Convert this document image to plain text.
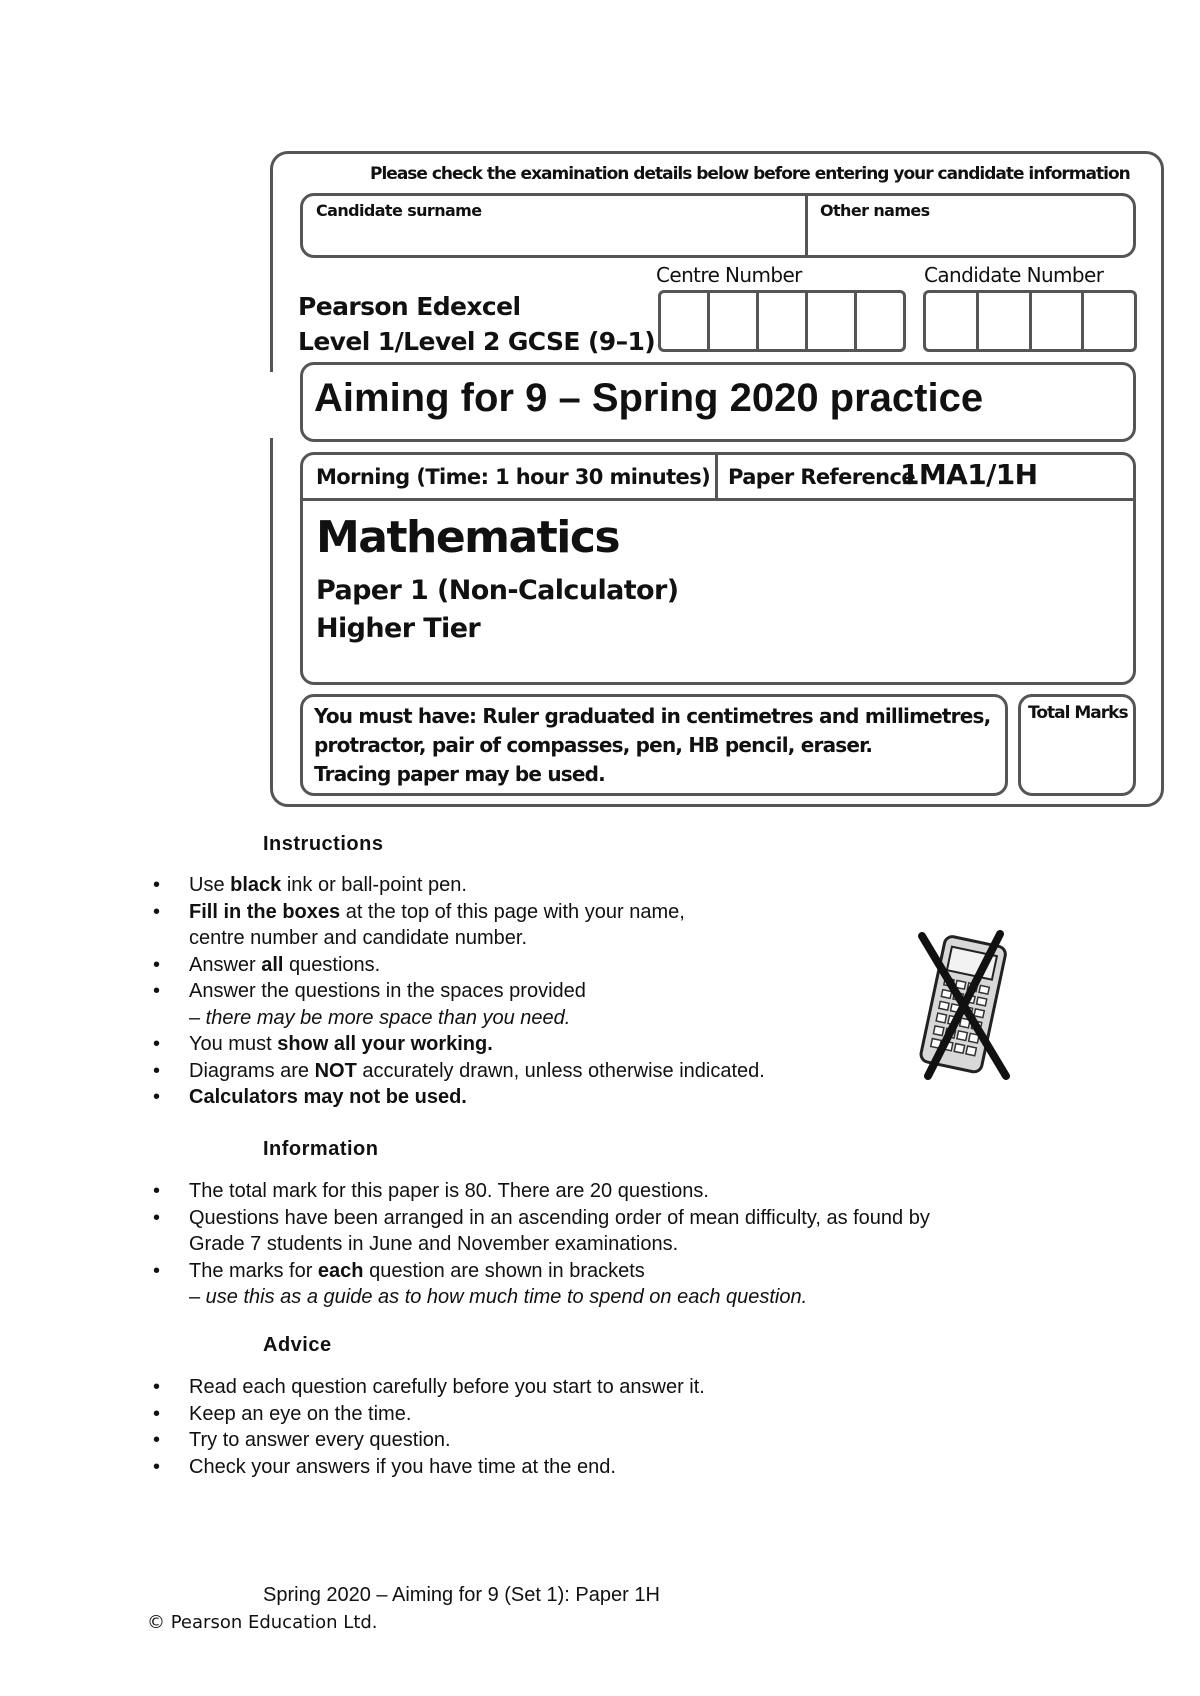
Please check the examination details below before entering your candidate information
Candidate surname	Other names
Centre Number	Candidate Number
Pearson Edexcel
Level 1/Level 2 GCSE (9–1)
Aiming for 9 – Spring 2020 practice
Morning (Time: 1 hour 30 minutes) Paper Reference
1MA1/1H
Mathematics
Paper 1 (Non-Calculator)
Higher Tier
You must have: Ruler graduated in centimetres and millimetres,
protractor, pair of compasses, pen, HB pencil, eraser.
Tracing paper may be used.
Total Marks
Instructions
• Use black ink or ball-point pen.
• Fill in the boxes at the top of this page with your name,
centre number and candidate number.
• Answer all questions.
• Answer the questions in the spaces provided
– there may be more space than you need.
• You must show all your working.
• Diagrams are NOT accurately drawn, unless otherwise indicated.
• Calculators may not be used.
Information
• The total mark for this paper is 80. There are 20 questions.
• Questions have been arranged in an ascending order of mean difficulty, as found by
Grade 7 students in June and November examinations.
• The marks for each question are shown in brackets
– use this as a guide as to how much time to spend on each question.
Advice
• Read each question carefully before you start to answer it.
• Keep an eye on the time.
• Try to answer every question.
• Check your answers if you have time at the end.
Spring 2020 – Aiming for 9 (Set 1): Paper 1H
© Pearson Education Ltd.
